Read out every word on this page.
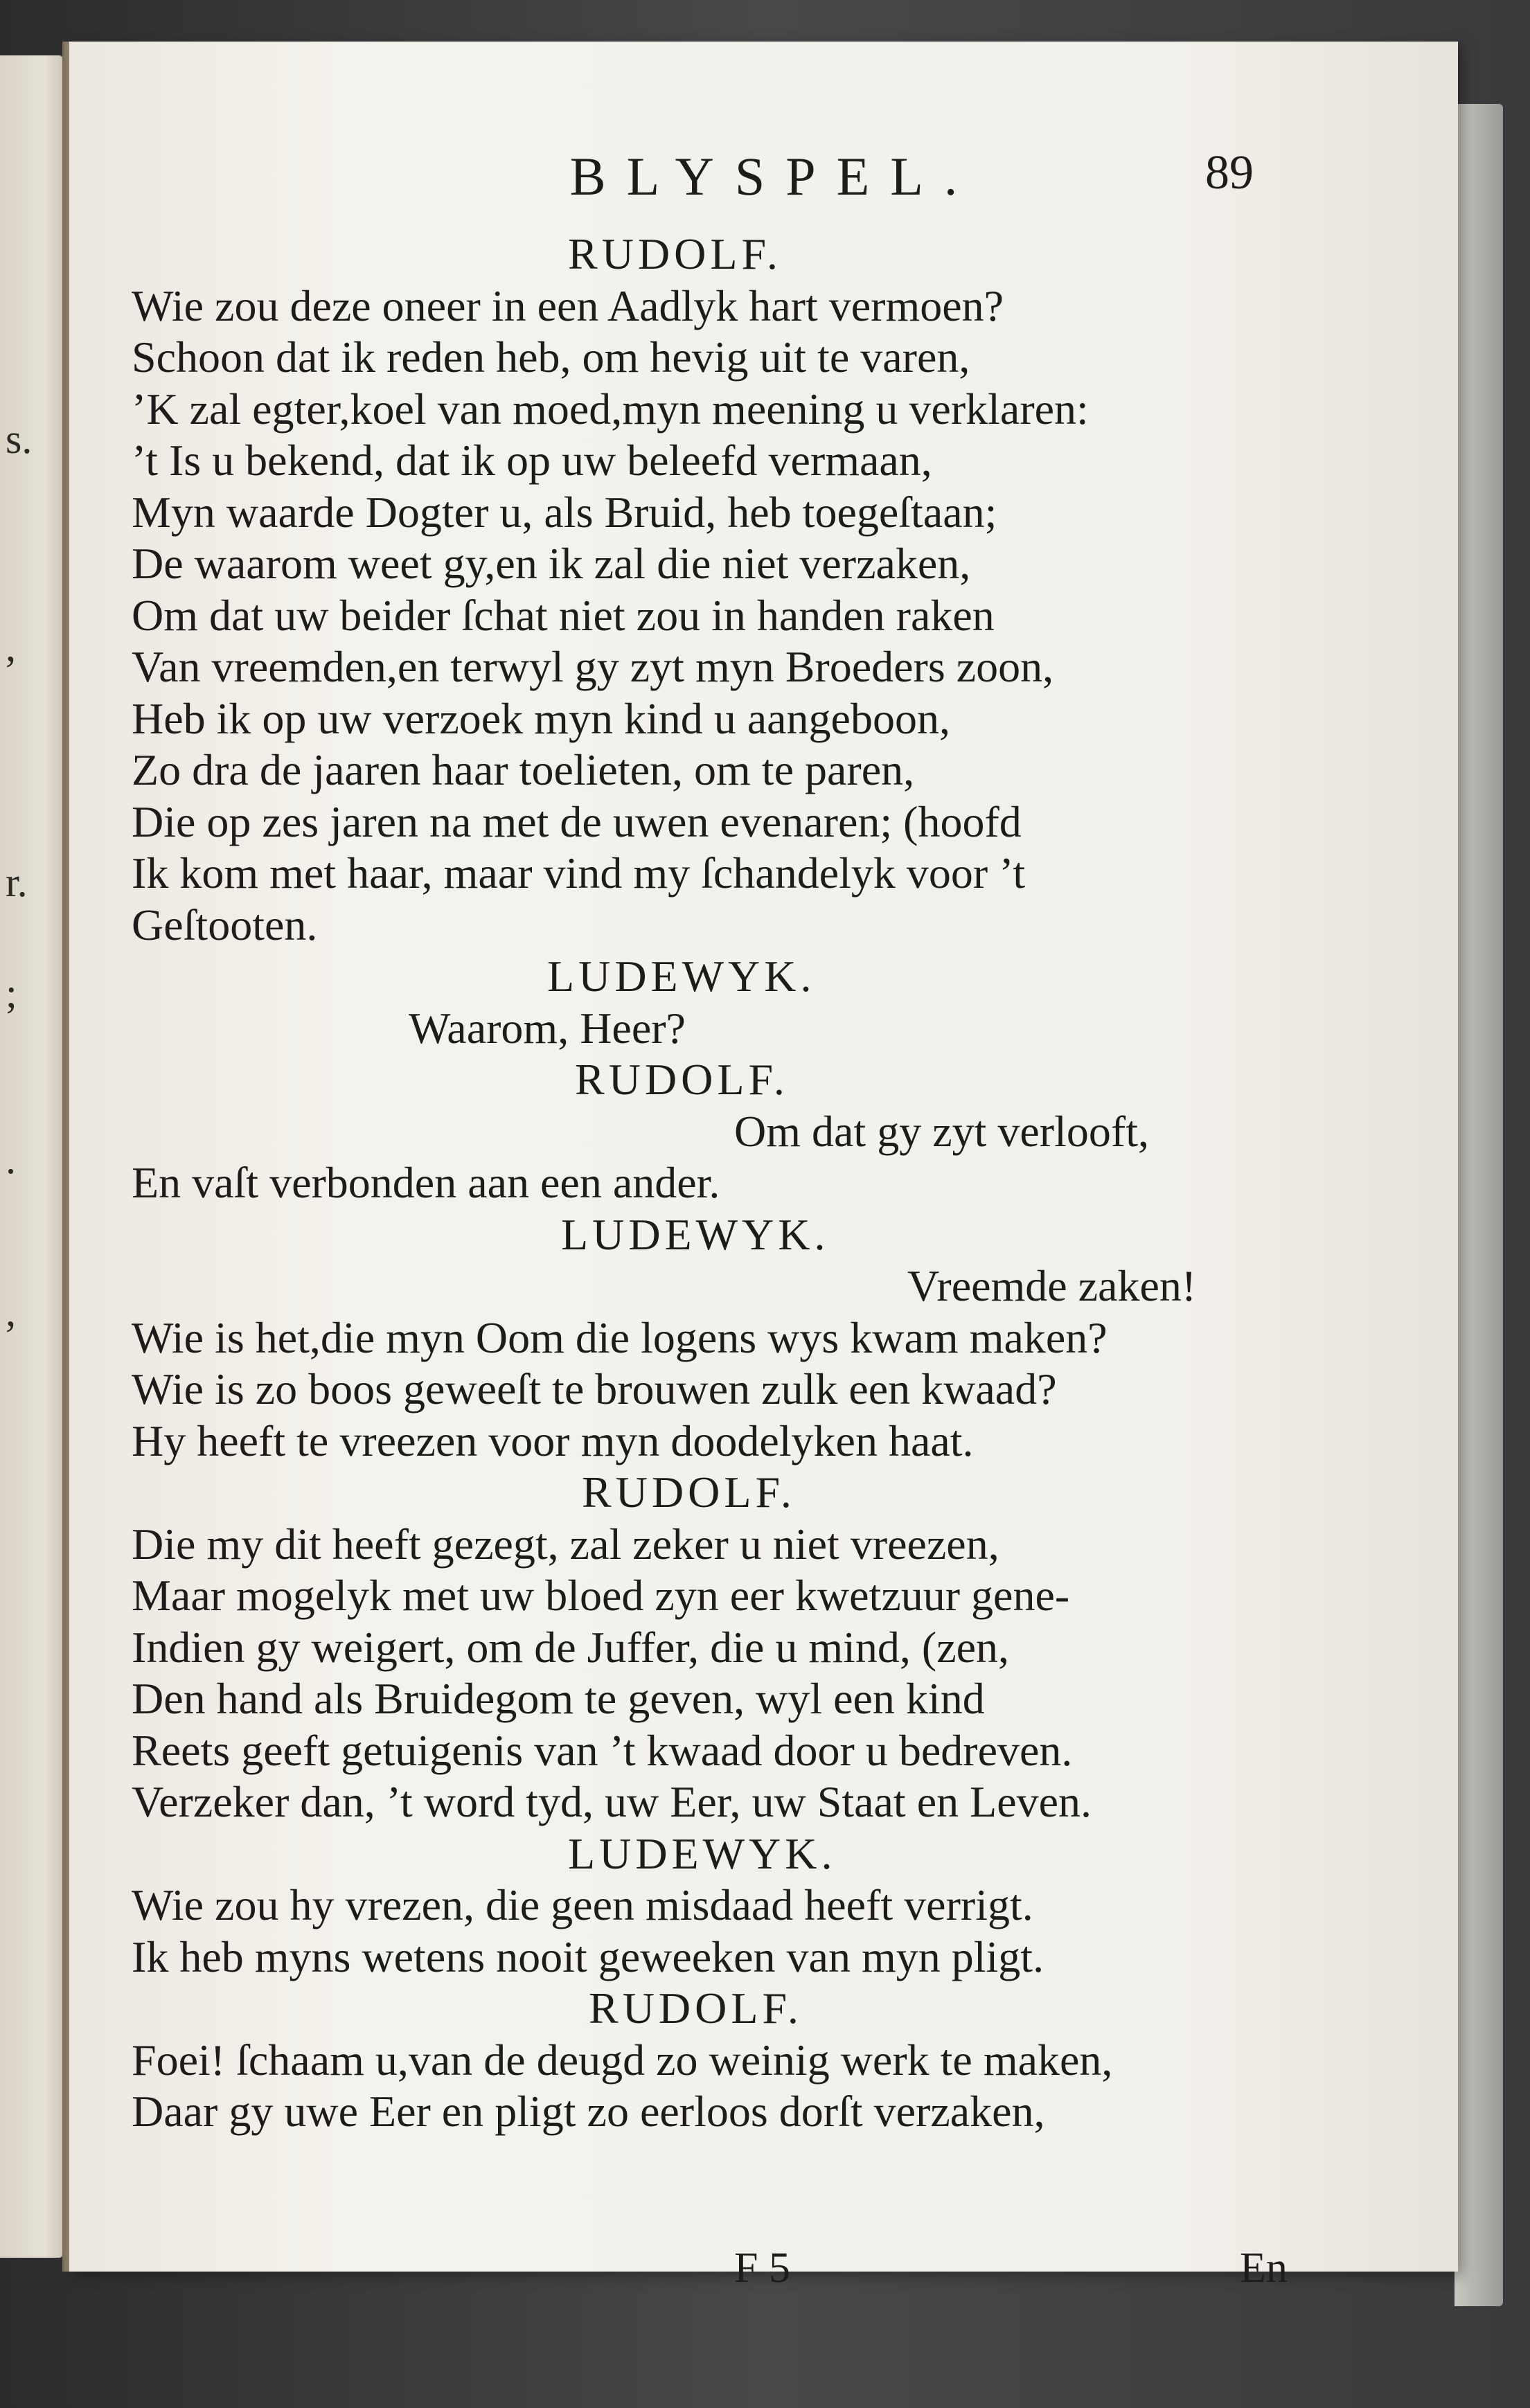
s.
,
r.
;
.
,
BLYSPEL.	89
RUDOLF.
Wie zou deze oneer in een Aadlyk hart vermoen?
Schoon dat ik reden heb, om hevig uit te varen,
’K zal egter,koel van moed,myn meening u verklaren:
’t Is u bekend, dat ik op uw beleefd vermaan,
Myn waarde Dogter u, als Bruid, heb toegeſtaan;
De waarom weet gy,en ik zal die niet verzaken,
Om dat uw beider ſchat niet zou in handen raken
Van vreemden,en terwyl gy zyt myn Broeders zoon,
Heb ik op uw verzoek myn kind u aangeboon,
Zo dra de jaaren haar toelieten, om te paren,
Die op zes jaren na met de uwen evenaren; (hoofd
Ik kom met haar, maar vind my ſchandelyk voor ’t
Geſtooten.
LUDEWYK.
Waarom, Heer?
RUDOLF.
Om dat gy zyt verlooft,
En vaſt verbonden aan een ander.
LUDEWYK.
Vreemde zaken!
Wie is het,die myn Oom die logens wys kwam maken?
Wie is zo boos geweeſt te brouwen zulk een kwaad?
Hy heeft te vreezen voor myn doodelyken haat.
RUDOLF.
Die my dit heeft gezegt, zal zeker u niet vreezen,
Maar mogelyk met uw bloed zyn eer kwetzuur gene-
Indien gy weigert, om de Juffer, die u mind, (zen,
Den hand als Bruidegom te geven, wyl een kind
Reets geeft getuigenis van ’t kwaad door u bedreven.
Verzeker dan, ’t word tyd, uw Eer, uw Staat en Leven.
LUDEWYK.
Wie zou hy vrezen, die geen misdaad heeft verrigt.
Ik heb myns wetens nooit geweeken van myn pligt.
RUDOLF.
Foei! ſchaam u,van de deugd zo weinig werk te maken,
Daar gy uwe Eer en pligt zo eerloos dorſt verzaken,
F 5	En
